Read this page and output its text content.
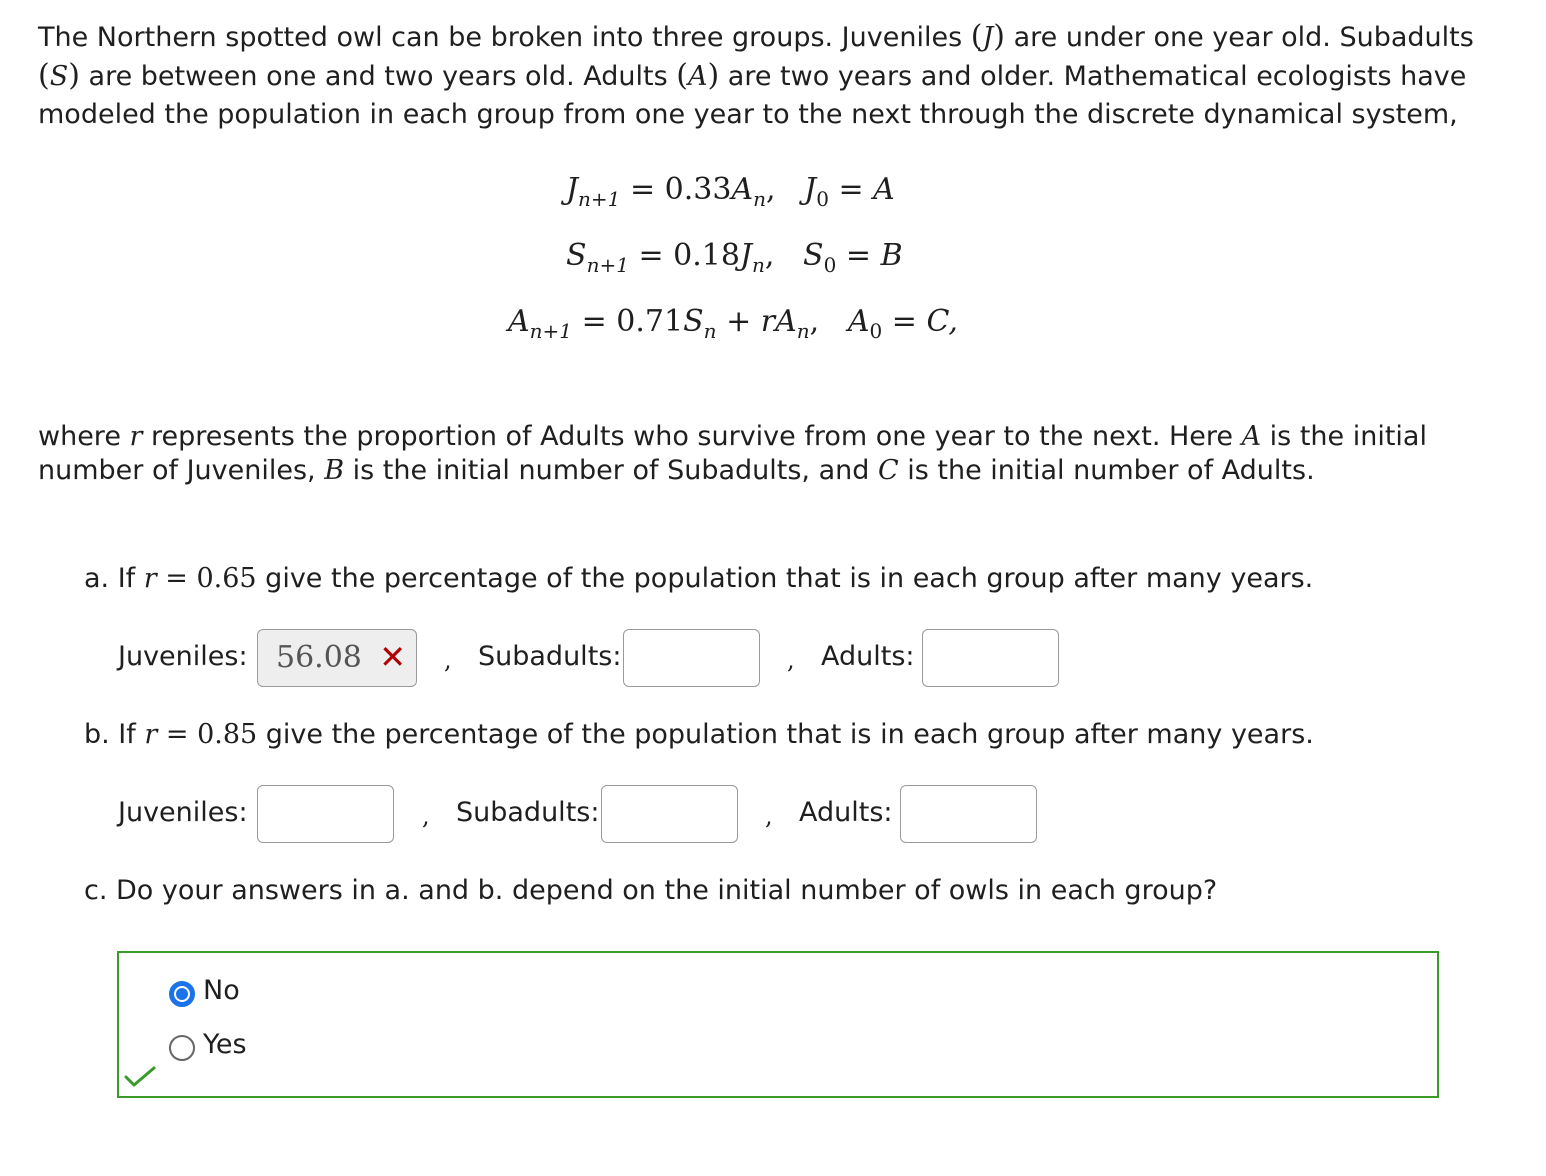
The Northern spotted owl can be broken into three groups. Juveniles (J) are under one year old. Subadults (S) are between one and two years old. Adults (A) are two years and older. Mathematical ecologists have modeled the population in each group from one year to the next through the discrete dynamical system,
$J_{n+1} = 0.33A_n$, $J_0 = A$
$S_{n+1} = 0.18J_n$, $S_0 = B$
$A_{n+1} = 0.71S_n + rA_n$, $A_0 = C$,
where r represents the proportion of Adults who survive from one year to the next. Here A is the initial number of Juveniles, B is the initial number of Subadults, and C is the initial number of Adults.
a. If r = 0.65 give the percentage of the population that is in each group after many years.
Juveniles: 56.08 ✕ , Subadults:	, Adults:
b. If r = 0.85 give the percentage of the population that is in each group after many years.
Juveniles:	, Subadults:	, Adults:
c. Do your answers in a. and b. depend on the initial number of owls in each group?
No
Yes
